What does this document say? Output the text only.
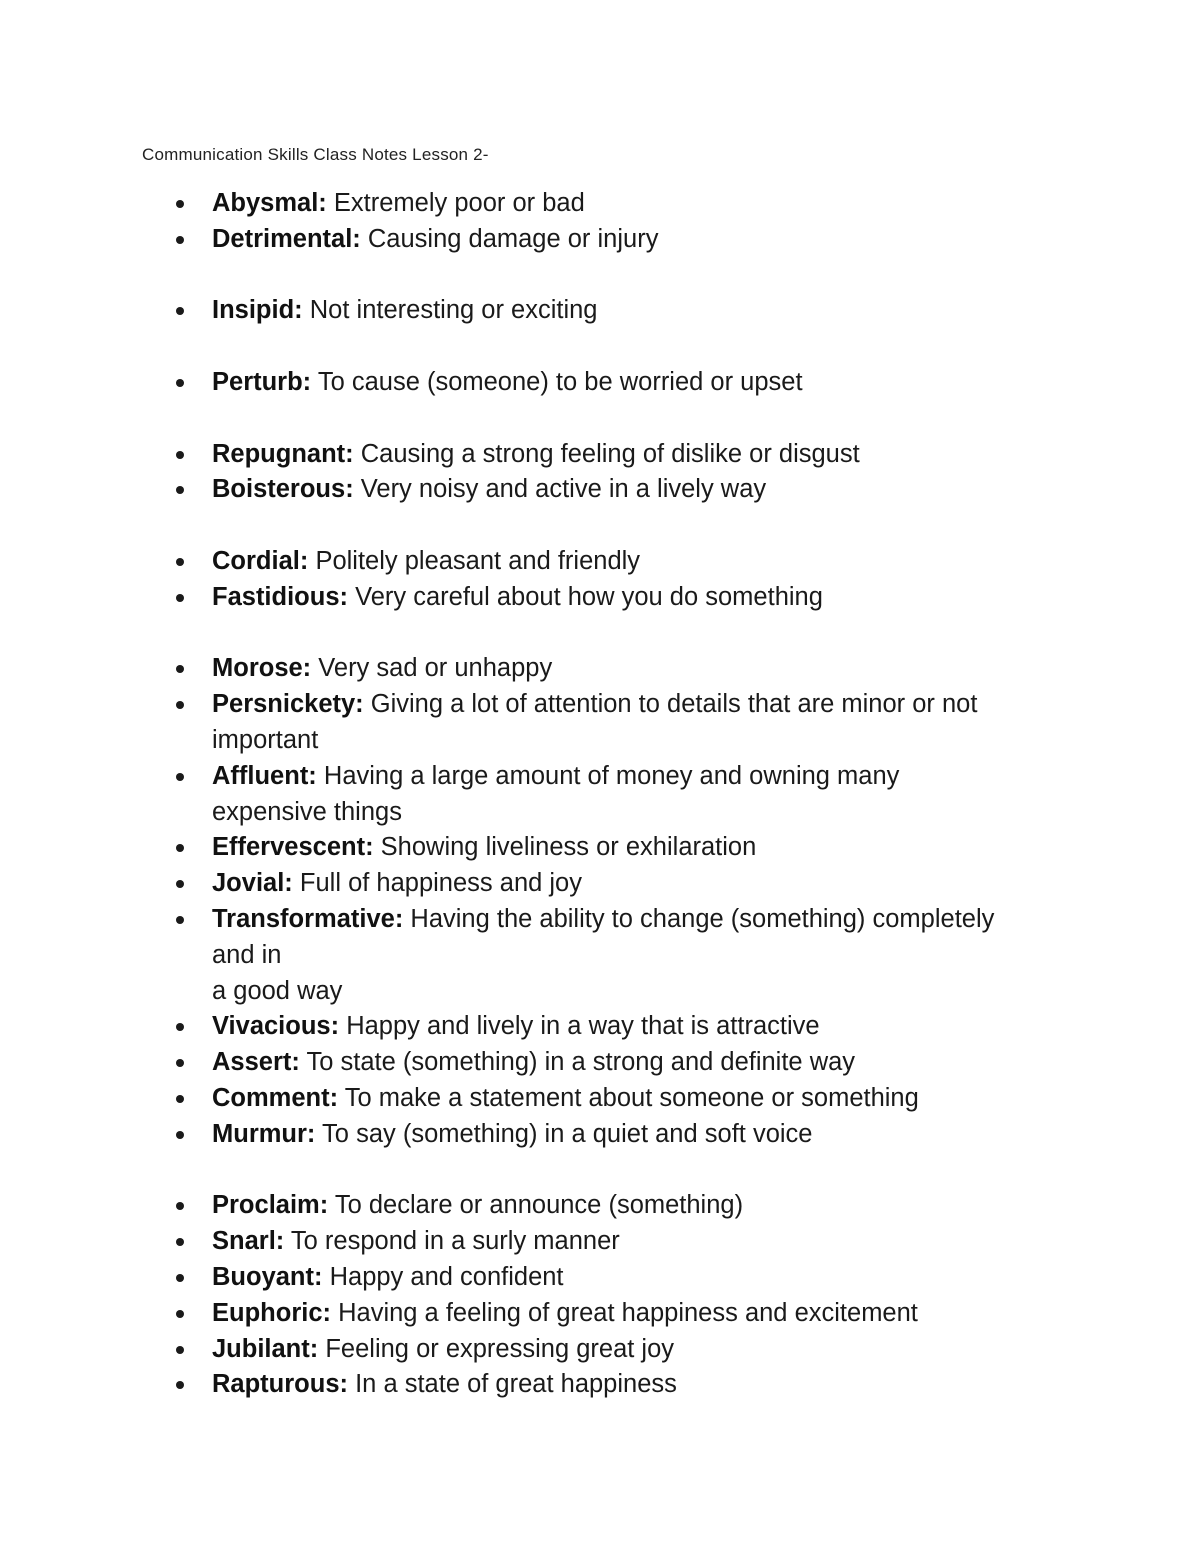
Communication Skills Class Notes Lesson 2-
Abysmal: Extremely poor or bad
Detrimental: Causing damage or injury
Insipid: Not interesting or exciting
Perturb: To cause (someone) to be worried or upset
Repugnant: Causing a strong feeling of dislike or disgust
Boisterous: Very noisy and active in a lively way
Cordial: Politely pleasant and friendly
Fastidious: Very careful about how you do something
Morose: Very sad or unhappy
Persnickety: Giving a lot of attention to details that are minor or not
important
Affluent: Having a large amount of money and owning many
expensive things
Effervescent: Showing liveliness or exhilaration
Jovial: Full of happiness and joy
Transformative: Having the ability to change (something) completely
and in
a good way
Vivacious: Happy and lively in a way that is attractive
Assert: To state (something) in a strong and definite way
Comment: To make a statement about someone or something
Murmur: To say (something) in a quiet and soft voice
Proclaim: To declare or announce (something)
Snarl: To respond in a surly manner
Buoyant: Happy and confident
Euphoric: Having a feeling of great happiness and excitement
Jubilant: Feeling or expressing great joy
Rapturous: In a state of great happiness
